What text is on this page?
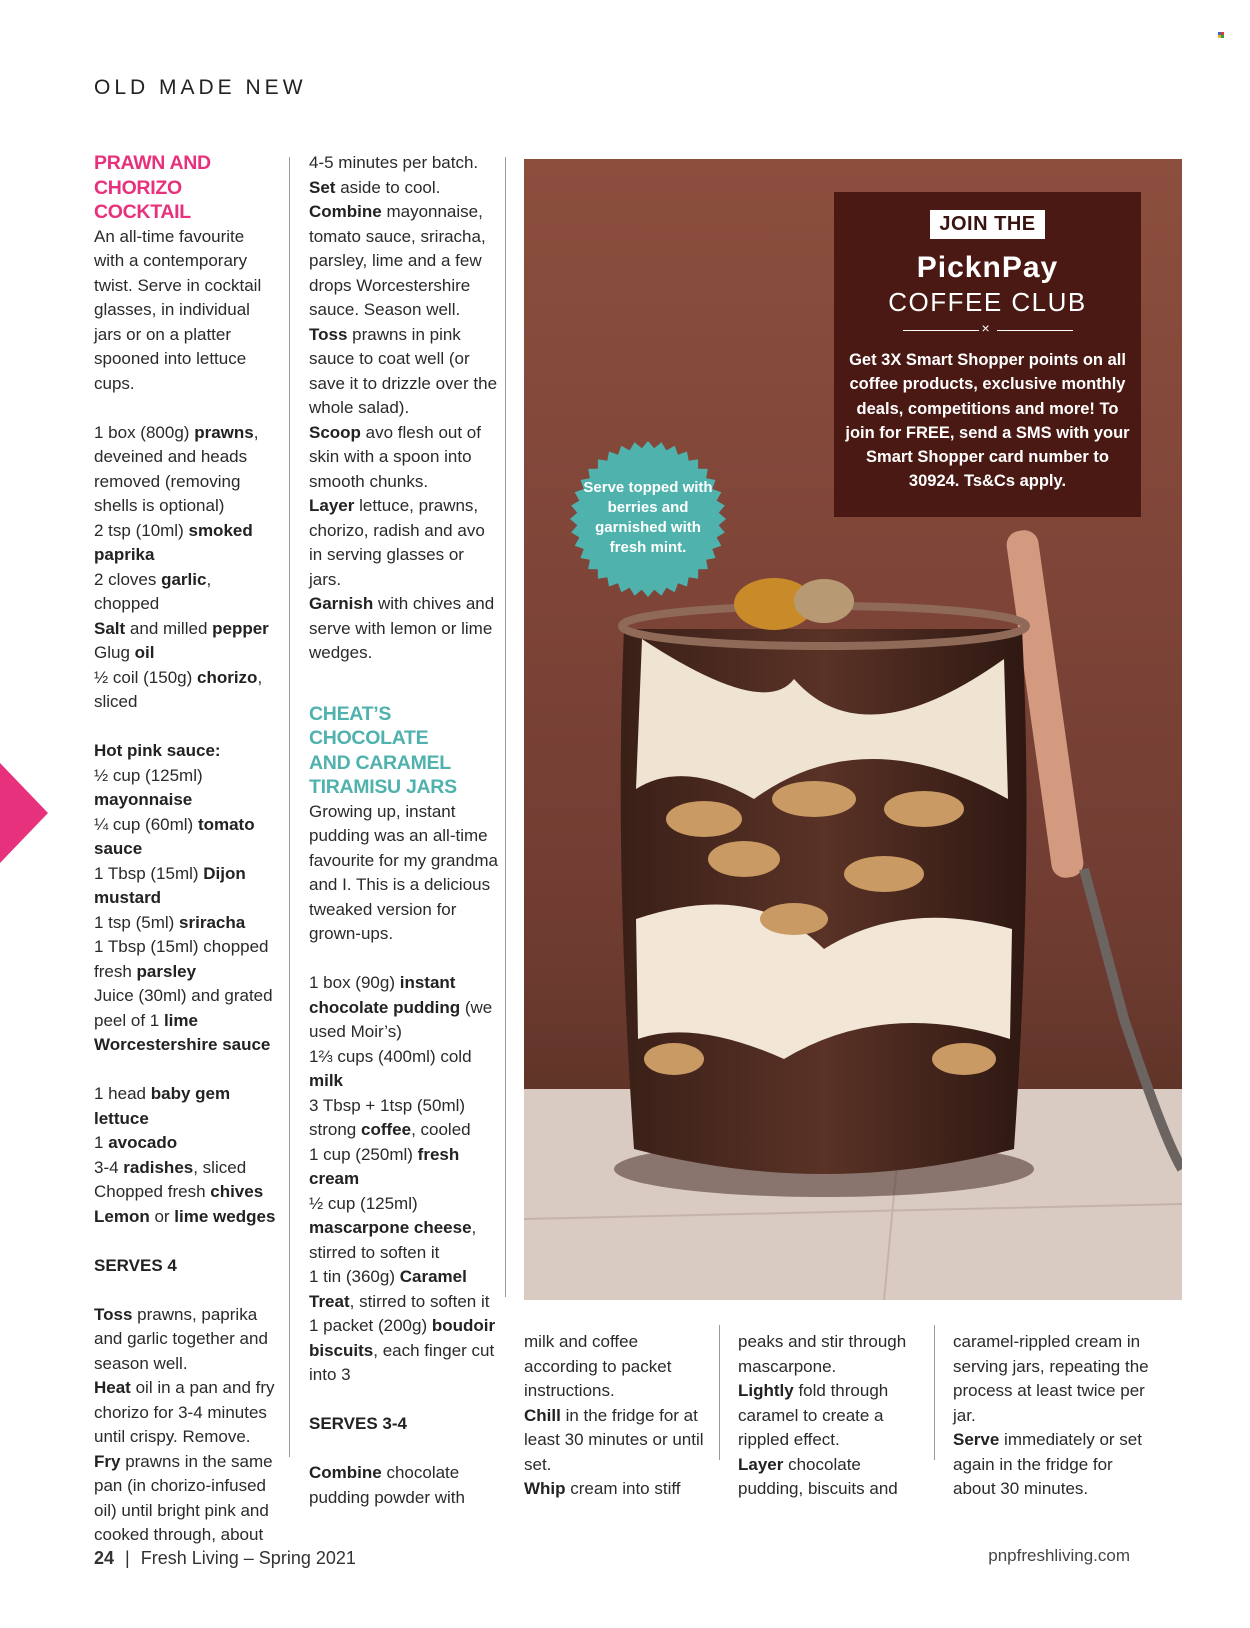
OLD MADE NEW

PRAWN AND

CHORIZO COCKTAIL

An all-time favourite with a contemporary twist. Serve in cocktail glasses, in individual jars or on a platter spooned into lettuce cups.

1 box (800g) prawns, deveined and heads removed (removing shells is optional)

2 tsp (10ml) smoked paprika

2 cloves garlic, chopped

Salt and milled pepper

Glug oil

½ coil (150g) chorizo, sliced

Hot pink sauce:

½ cup (125ml) mayonnaise

¼ cup (60ml) tomato sauce

1 Tbsp (15ml) Dijon mustard

1 tsp (5ml) sriracha

1 Tbsp (15ml) chopped fresh parsley

Juice (30ml) and grated peel of 1 lime

Worcestershire sauce

1 head baby gem lettuce

1 avocado

3-4 radishes, sliced

Chopped fresh chives

Lemon or lime wedges

SERVES 4

Toss prawns, paprika and garlic together and season well.

Heat oil in a pan and fry chorizo for 3-4 minutes until crispy. Remove.

Fry prawns in the same pan (in chorizo-infused oil) until bright pink and cooked through, about

4-5 minutes per batch.

Set aside to cool.

Combine mayonnaise, tomato sauce, sriracha, parsley, lime and a few drops Worcestershire sauce. Season well.

Toss prawns in pink sauce to coat well (or save it to drizzle over the whole salad).

Scoop avo flesh out of skin with a spoon into smooth chunks.

Layer lettuce, prawns, chorizo, radish and avo in serving glasses or jars.

Garnish with chives and serve with lemon or lime wedges.

CHEAT’S

CHOCOLATE

AND CARAMEL

TIRAMISU JARS

Growing up, instant pudding was an all-time favourite for my grandma and I. This is a delicious tweaked version for grown-ups.

1 box (90g) instant chocolate pudding (we used Moir’s)

1⅔ cups (400ml) cold milk

3 Tbsp + 1tsp (50ml) strong coffee, cooled

1 cup (250ml) fresh cream

½ cup (125ml) mascarpone cheese, stirred to soften it

1 tin (360g) Caramel Treat, stirred to soften it

1 packet (200g) boudoir biscuits, each finger cut into 3

SERVES 3-4

Combine chocolate pudding powder with

JOIN THE
PicknPay
COFFEE CLUB
×
Get 3X Smart Shopper points on all coffee products, exclusive monthly deals, competitions and more! To join for FREE, send a SMS with your Smart Shopper card number to 30924. Ts&Cs apply.
Serve topped with berries and garnished with fresh mint.

milk and coffee according to packet instructions.

Chill in the fridge for at least 30 minutes or until set.

Whip cream into stiff

peaks and stir through mascarpone.

Lightly fold through caramel to create a rippled effect.

Layer chocolate pudding, biscuits and

caramel-rippled cream in serving jars, repeating the process at least twice per jar.

Serve immediately or set again in the fridge for about 30 minutes.

24 | Fresh Living – Spring 2021	pnpfreshliving.com
